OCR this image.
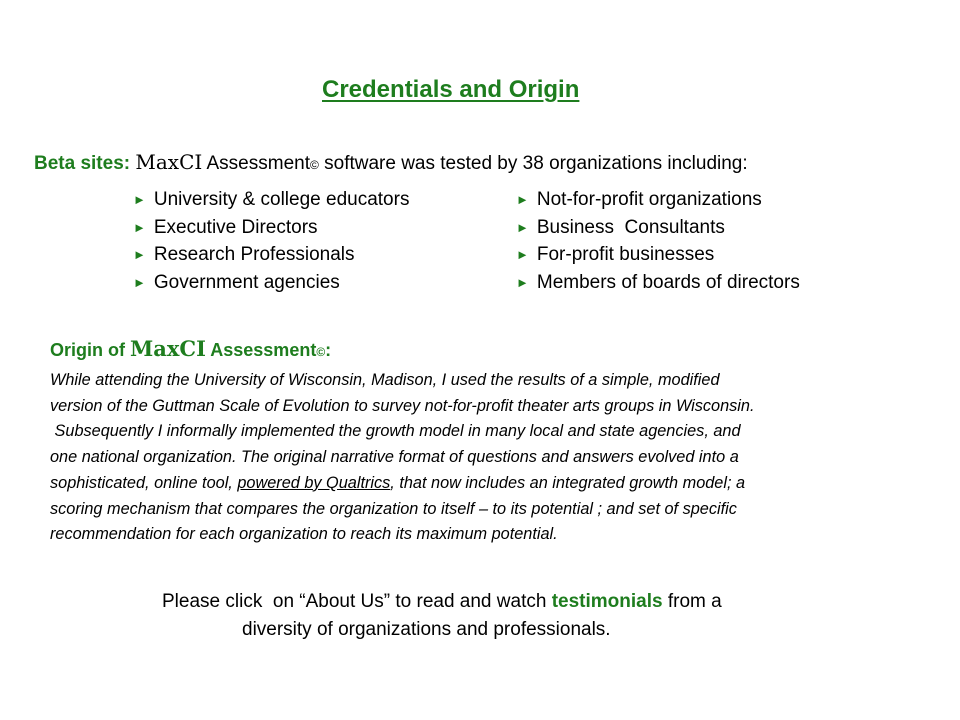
Credentials and Origin
Beta sites: MaxCI Assessment© software was tested by 38 organizations including:
► University & college educators
► Executive Directors
► Research Professionals
► Government agencies
► Not-for-profit organizations
► Business  Consultants
► For-profit businesses
► Members of boards of directors
Origin of MaxCI Assessment©:
While attending the University of Wisconsin, Madison, I used the results of a simple, modified
version of the Guttman Scale of Evolution to survey not-for-profit theater arts groups in Wisconsin.
Subsequently I informally implemented the growth model in many local and state agencies, and
one national organization. The original narrative format of questions and answers evolved into a
sophisticated, online tool, powered by Qualtrics, that now includes an integrated growth model; a
scoring mechanism that compares the organization to itself – to its potential ; and set of specific
recommendation for each organization to reach its maximum potential.
Please click  on “About Us” to read and watch testimonials from a
diversity of organizations and professionals.
